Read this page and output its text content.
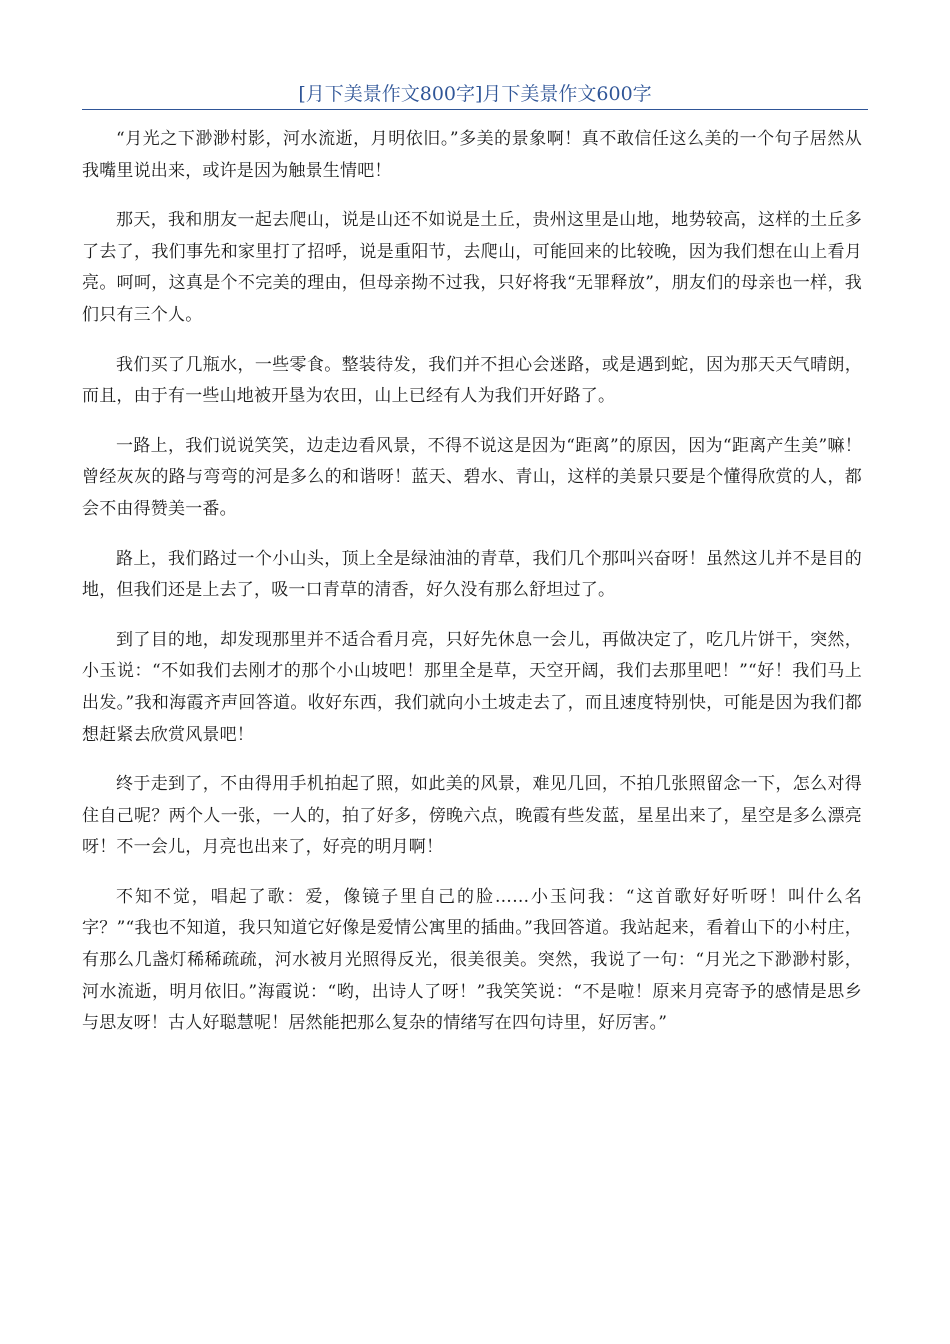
[月下美景作文800字]月下美景作文600字

“月光之下渺渺村影，河水流逝，月明依旧。”多美的景象啊！真不敢信任这么美的一个句子居然从我嘴里说出来，或许是因为触景生情吧！

那天，我和朋友一起去爬山，说是山还不如说是土丘，贵州这里是山地，地势较高，这样的土丘多了去了，我们事先和家里打了招呼，说是重阳节，去爬山，可能回来的比较晚，因为我们想在山上看月亮。呵呵，这真是个不完美的理由，但母亲拗不过我，只好将我“无罪释放”，朋友们的母亲也一样，我们只有三个人。

我们买了几瓶水，一些零食。整装待发，我们并不担心会迷路，或是遇到蛇，因为那天天气晴朗，而且，由于有一些山地被开垦为农田，山上已经有人为我们开好路了。

一路上，我们说说笑笑，边走边看风景，不得不说这是因为“距离”的原因，因为“距离产生美”嘛！曾经灰灰的路与弯弯的河是多么的和谐呀！蓝天、碧水、青山，这样的美景只要是个懂得欣赏的人，都会不由得赞美一番。

路上，我们路过一个小山头，顶上全是绿油油的青草，我们几个那叫兴奋呀！虽然这儿并不是目的地，但我们还是上去了，吸一口青草的清香，好久没有那么舒坦过了。

到了目的地，却发现那里并不适合看月亮，只好先休息一会儿，再做决定了，吃几片饼干，突然，小玉说：“不如我们去刚才的那个小山坡吧！那里全是草，天空开阔，我们去那里吧！”“好！我们马上出发。”我和海霞齐声回答道。收好东西，我们就向小土坡走去了，而且速度特别快，可能是因为我们都想赶紧去欣赏风景吧！

终于走到了，不由得用手机拍起了照，如此美的风景，难见几回，不拍几张照留念一下，怎么对得住自己呢？两个人一张，一人的，拍了好多，傍晚六点，晚霞有些发蓝，星星出来了，星空是多么漂亮呀！不一会儿，月亮也出来了，好亮的明月啊！

不知不觉，唱起了歌：爱，像镜子里自己的脸……小玉问我：“这首歌好好听呀！叫什么名字？”“我也不知道，我只知道它好像是爱情公寓里的插曲。”我回答道。我站起来，看着山下的小村庄，有那么几盏灯稀稀疏疏，河水被月光照得反光，很美很美。突然，我说了一句：“月光之下渺渺村影，河水流逝，明月依旧。”海霞说：“哟，出诗人了呀！”我笑笑说：“不是啦！原来月亮寄予的感情是思乡与思友呀！古人好聪慧呢！居然能把那么复杂的情绪写在四句诗里，好厉害。”
